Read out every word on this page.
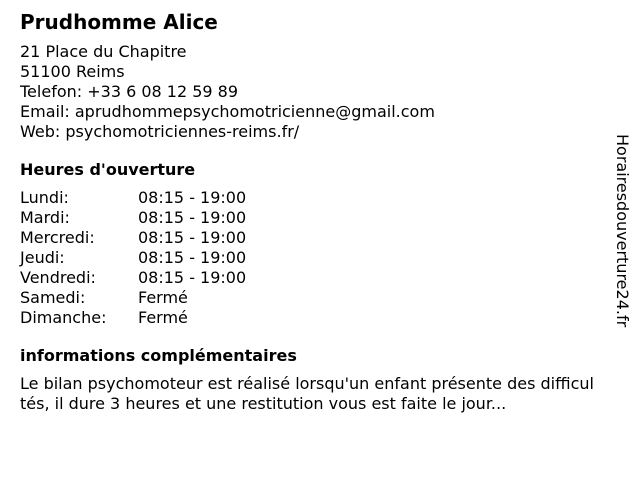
Prudhomme Alice
21 Place du Chapitre
51100 Reims
Telefon: +33 6 08 12 59 89
Email: aprudhommepsychomotricienne@gmail.com
Web: psychomotriciennes-reims.fr/
Heures d'ouverture
Lundi:	08:15 - 19:00
Mardi:	08:15 - 19:00
Mercredi:	08:15 - 19:00
Jeudi:	08:15 - 19:00
Vendredi:	08:15 - 19:00
Samedi:	Fermé
Dimanche:	Fermé
informations complémentaires
Le bilan psychomoteur est réalisé lorsqu'un enfant présente des difficultés, il dure 3 heures et une restitution vous est faite le jour...
Horairesdouverture24.fr
